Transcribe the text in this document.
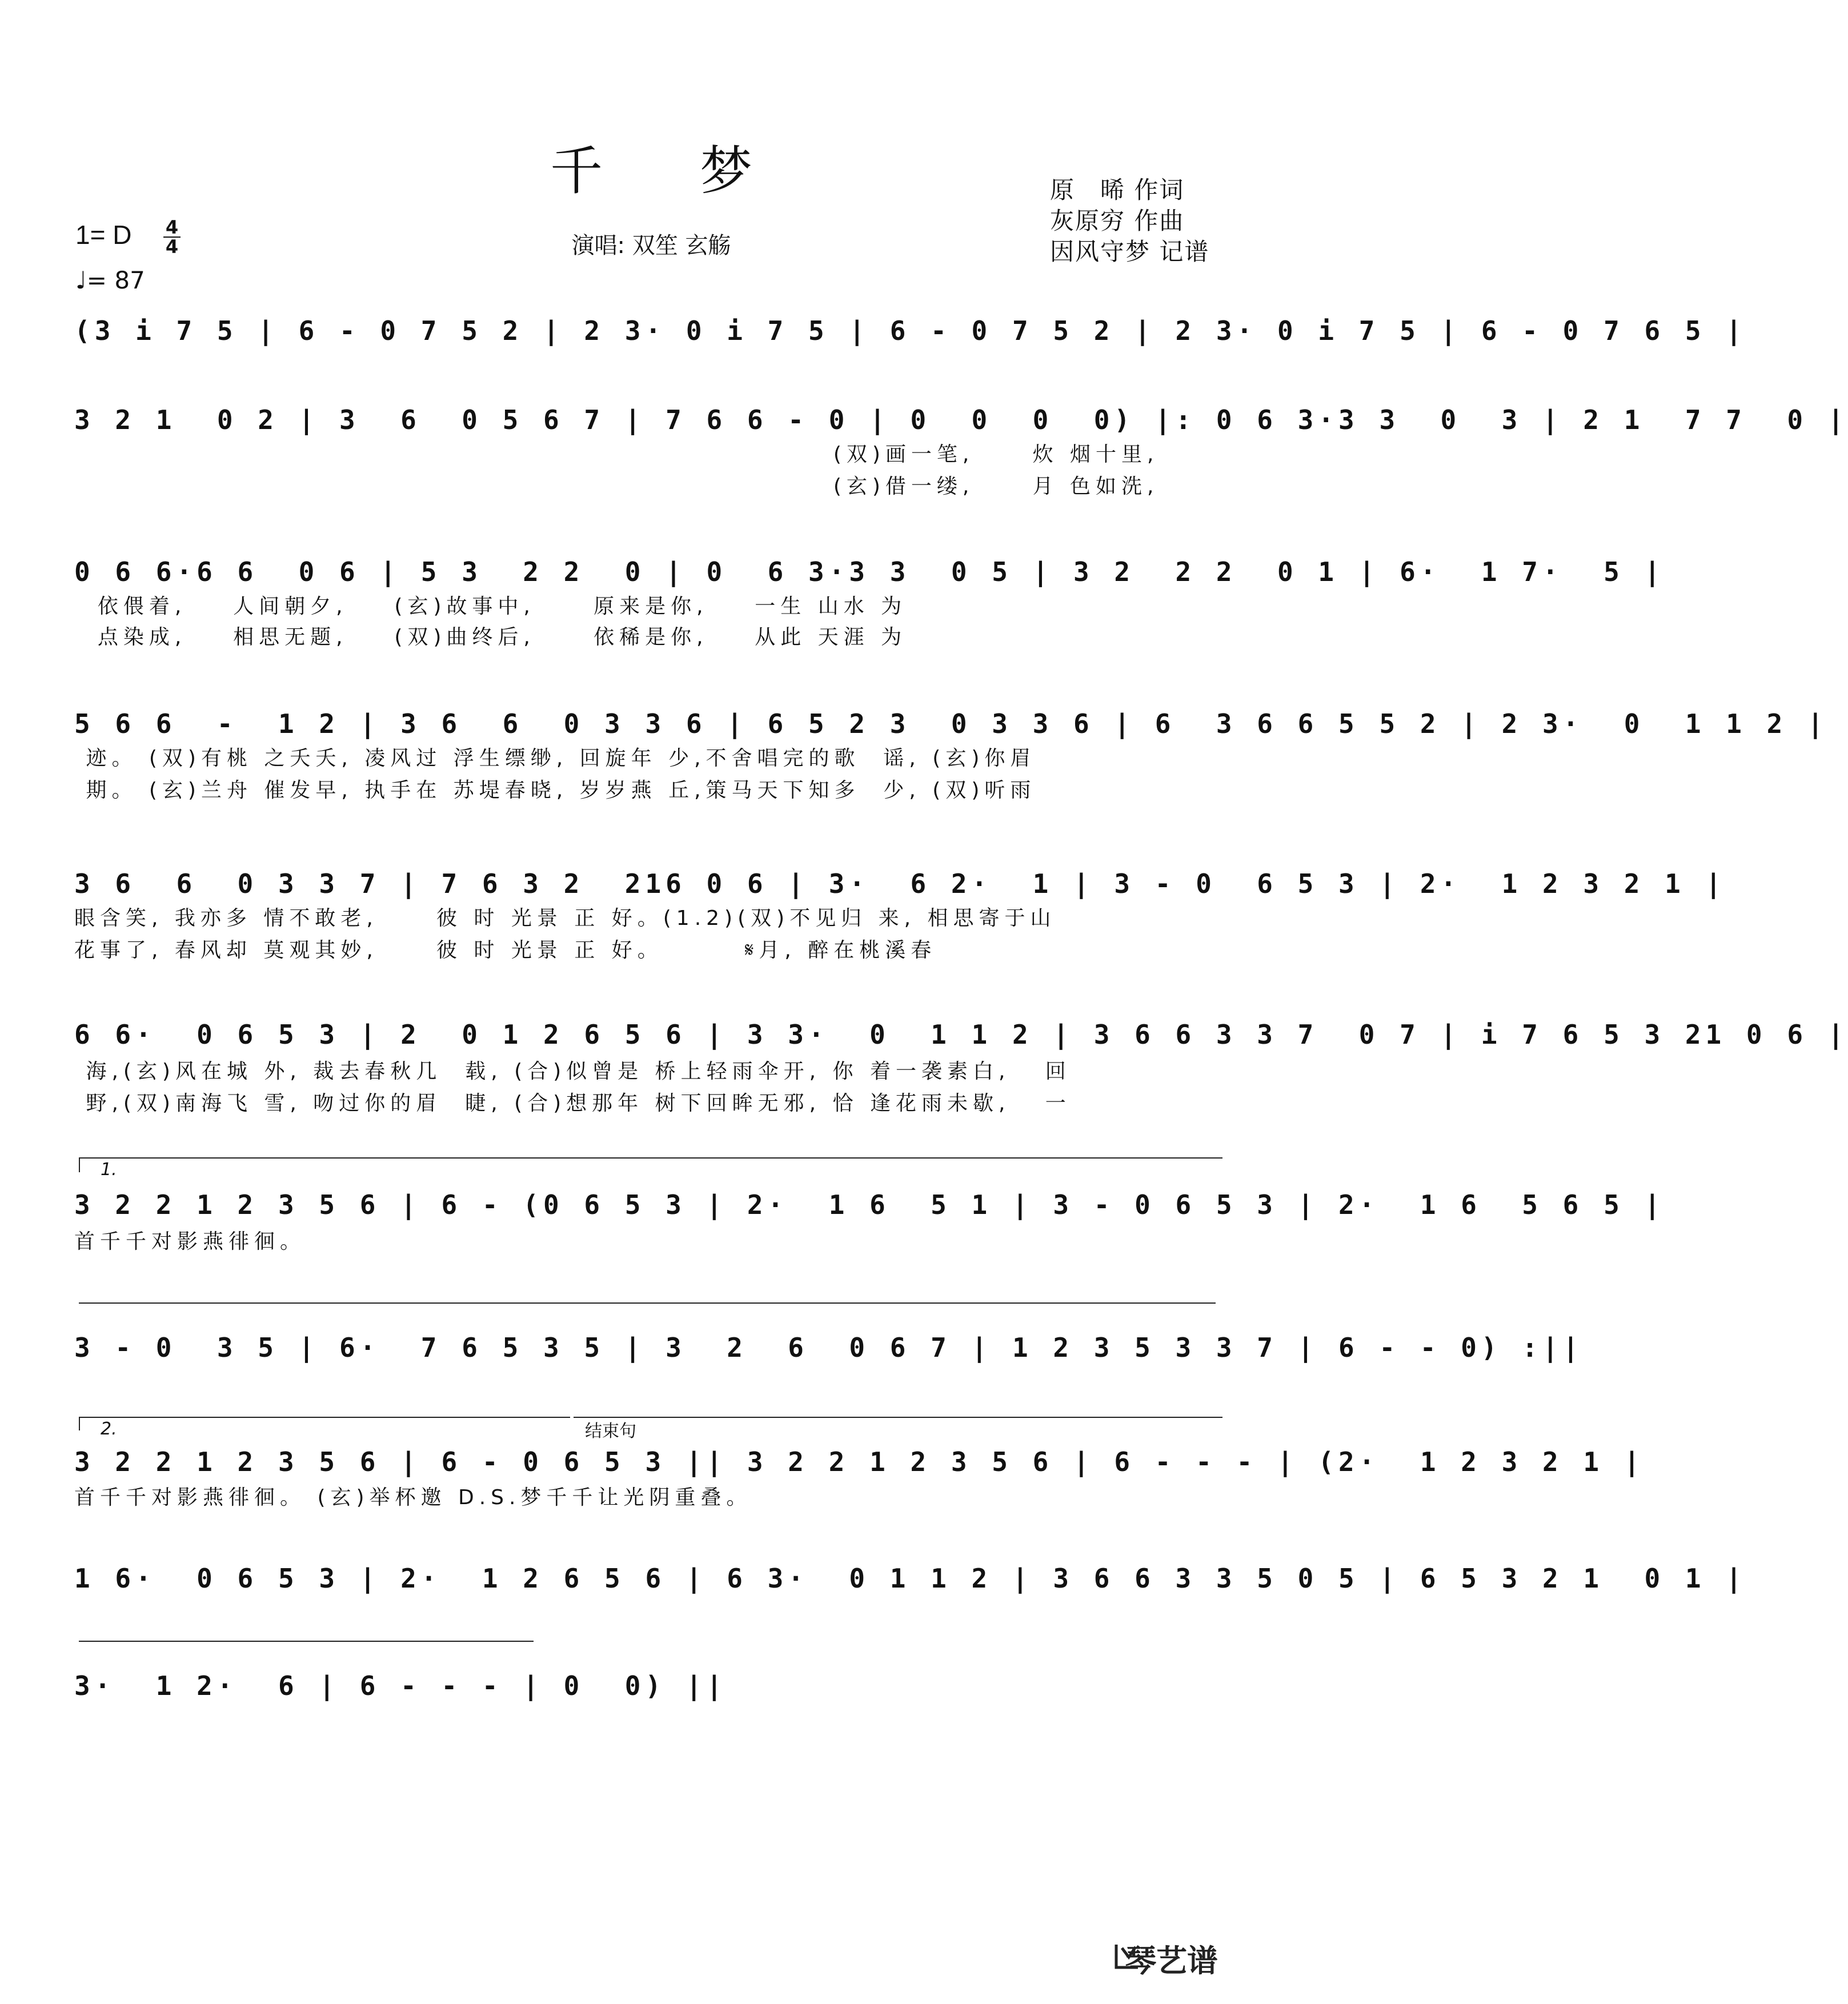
千梦	原　晞 作词
灰原穷 作曲
因风守梦 记谱
1= D 4
4
♩= 87
演唱: 双笙 玄觞
(3 i 7 5 | 6 - 0 7 5 2 | 2 3· 0 i 7 5 | 6 - 0 7 5 2 | 2 3· 0 i 7 5 | 6 - 0 7 6 5 |
3 2 1  0 2 | 3  6  0 5 6 7 | 7 6 6 - 0 | 0  0  0  0) |: 0 6 3·3 3  0  3 | 2 1  7 7  0 |
(双)画一笔,     炊 烟十里,
(玄)借一缕,     月 色如洗,
0 6 6·6 6  0 6 | 5 3  2 2  0 | 0  6 3·3 3  0 5 | 3 2  2 2  0 1 | 6·  1 7·  5 |
依偎着,    人间朝夕,    (玄)故事中,     原来是你,    一生 山水 为
点染成,    相思无题,    (双)曲终后,     依稀是你,    从此 天涯 为
5 6 6  -  1 2 | 3 6  6  0 3 3 6 | 6 5 2 3  0 3 3 6 | 6  3 6 6 5 5 2 | 2 3·  0  1 1 2 |
迹。 (双)有桃 之夭夭, 凌风过 浮生缥缈, 回旋年 少,不舍唱完的歌  谣, (玄)你眉
期。 (玄)兰舟 催发早, 执手在 苏堤春晓, 岁岁燕 丘,策马天下知多  少, (双)听雨
3 6  6  0 3 3 7 | 7 6 3 2  216 0 6 | 3·  6 2·  1 | 3 - 0  6 5 3 | 2·  1 2 3 2 1 |
眼含笑, 我亦多 情不敢老,     彼 时 光景 正 好。(1.2)(双)不见归 来, 相思寄于山
花事了, 春风却 莫观其妙,     彼 时 光景 正 好。       𝄋月, 醉在桃溪春
6 6·  0 6 5 3 | 2  0 1 2 6 5 6 | 3 3·  0  1 1 2 | 3 6 6 3 3 7  0 7 | i 7 6 5 3 21 0 6 |
海,(玄)风在城 外, 裁去春秋几  载, (合)似曾是 桥上轻雨伞开, 你 着一袭素白,   回
野,(双)南海飞 雪, 吻过你的眉  睫, (合)想那年 树下回眸无邪, 恰 逢花雨未歇,   一
1.
3 2 2 1 2 3 5 6 | 6 - (0 6 5 3 | 2·  1 6  5 1 | 3 - 0 6 5 3 | 2·  1 6  5 6 5 |
首千千对影燕徘徊。
3 - 0  3 5 | 6·  7 6 5 3 5 | 3  2  6  0 6 7 | 1 2 3 5 3 3 7 | 6 - - 0) :||
2.	结束句
3 2 2 1 2 3 5 6 | 6 - 0 6 5 3 || 3 2 2 1 2 3 5 6 | 6 - - - | (2·  1 2 3 2 1 |
首千千对影燕徘徊。 (玄)举杯邀 D.S.梦千千让光阴重叠。
1 6·  0 6 5 3 | 2·  1 2 6 5 6 | 6 3·  0 1 1 2 | 3 6 6 3 3 5 0 5 | 6 5 3 2 1  0 1 |
3·  1 2·  6 | 6 - - - | 0  0) ||
琴艺谱
